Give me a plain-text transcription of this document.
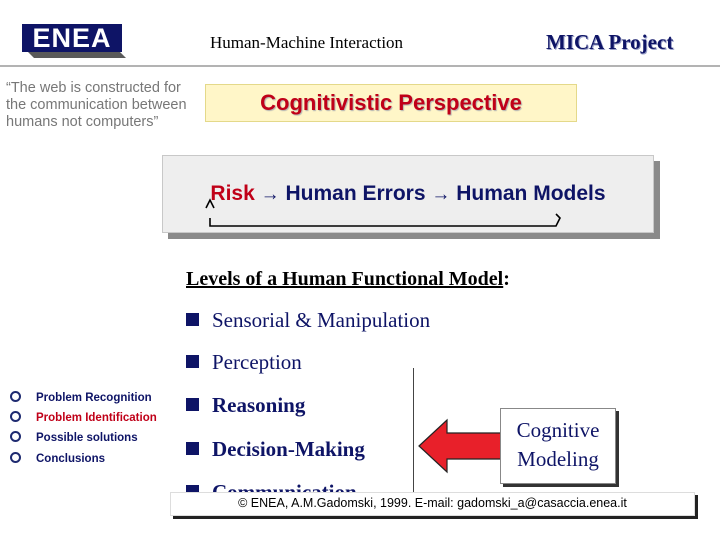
ENEA	Human-Machine Interaction	MICA Project
“The web is constructed for the communication between humans not computers”
Cognitivistic Perspective
Risk → Human Errors → Human Models
Levels of a Human Functional Model:
Sensorial & Manipulation
Perception
Reasoning
Decision-Making
Problem Recognition
Problem Identification
Possible solutions
Conclusions
Cognitive
Modeling
© ENEA, A.M.Gadomski, 1999. E-mail: gadomski_a@casaccia.enea.it
